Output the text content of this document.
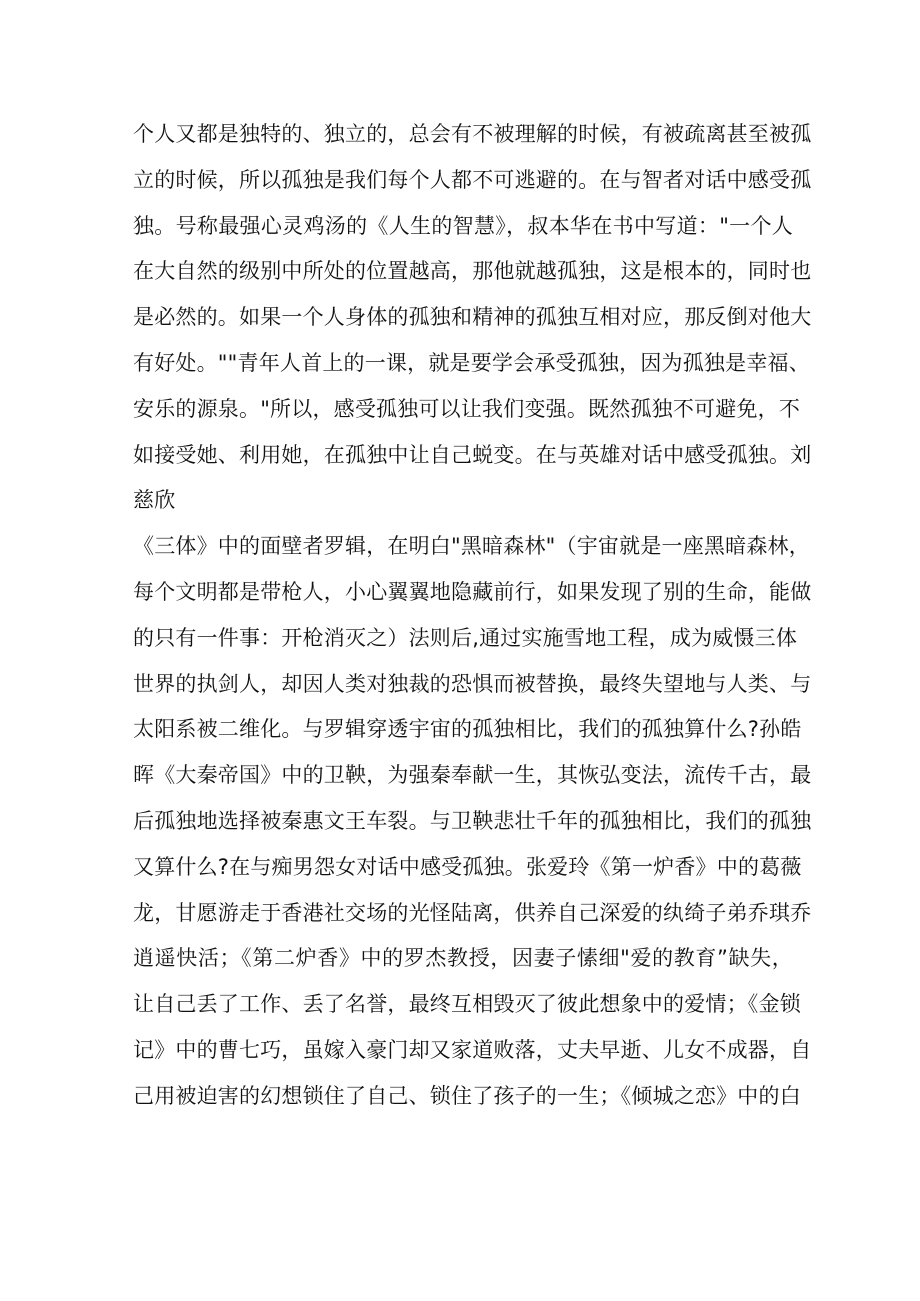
个人又都是独特的、独立的，总会有不被理解的时候，有被疏离甚至被孤
立的时候，所以孤独是我们每个人都不可逃避的。在与智者对话中感受孤
独。号称最强心灵鸡汤的《人生的智慧》，叔本华在书中写道："一个人
在大自然的级别中所处的位置越高，那他就越孤独，这是根本的，同时也
是必然的。如果一个人身体的孤独和精神的孤独互相对应，那反倒对他大
有好处。""青年人首上的一课，就是要学会承受孤独，因为孤独是幸福、
安乐的源泉。"所以，感受孤独可以让我们变强。既然孤独不可避免，不
如接受她、利用她，在孤独中让自己蜕变。在与英雄对话中感受孤独。刘
慈欣
《三体》中的面壁者罗辑，在明白"黑暗森林"（宇宙就是一座黑暗森林，
每个文明都是带枪人，小心翼翼地隐藏前行，如果发现了别的生命，能做
的只有一件事：开枪消灭之）法则后,通过实施雪地工程，成为威慑三体
世界的执剑人，却因人类对独裁的恐惧而被替换，最终失望地与人类、与
太阳系被二维化。与罗辑穿透宇宙的孤独相比，我们的孤独算什么?孙皓
晖《大秦帝国》中的卫鞅，为强秦奉献一生，其恢弘变法，流传千古，最
后孤独地选择被秦惠文王车裂。与卫鞅悲壮千年的孤独相比，我们的孤独
又算什么?在与痴男怨女对话中感受孤独。张爱玲《第一炉香》中的葛薇
龙，甘愿游走于香港社交场的光怪陆离，供养自己深爱的纨绮子弟乔琪乔
逍遥快活；《第二炉香》中的罗杰教授，因妻子愫细"爱的教育”缺失，
让自己丢了工作、丢了名誉，最终互相毁灭了彼此想象中的爱情；《金锁
记》中的曹七巧，虽嫁入豪门却又家道败落，丈夫早逝、儿女不成器，自
己用被迫害的幻想锁住了自己、锁住了孩子的一生；《倾城之恋》中的白
